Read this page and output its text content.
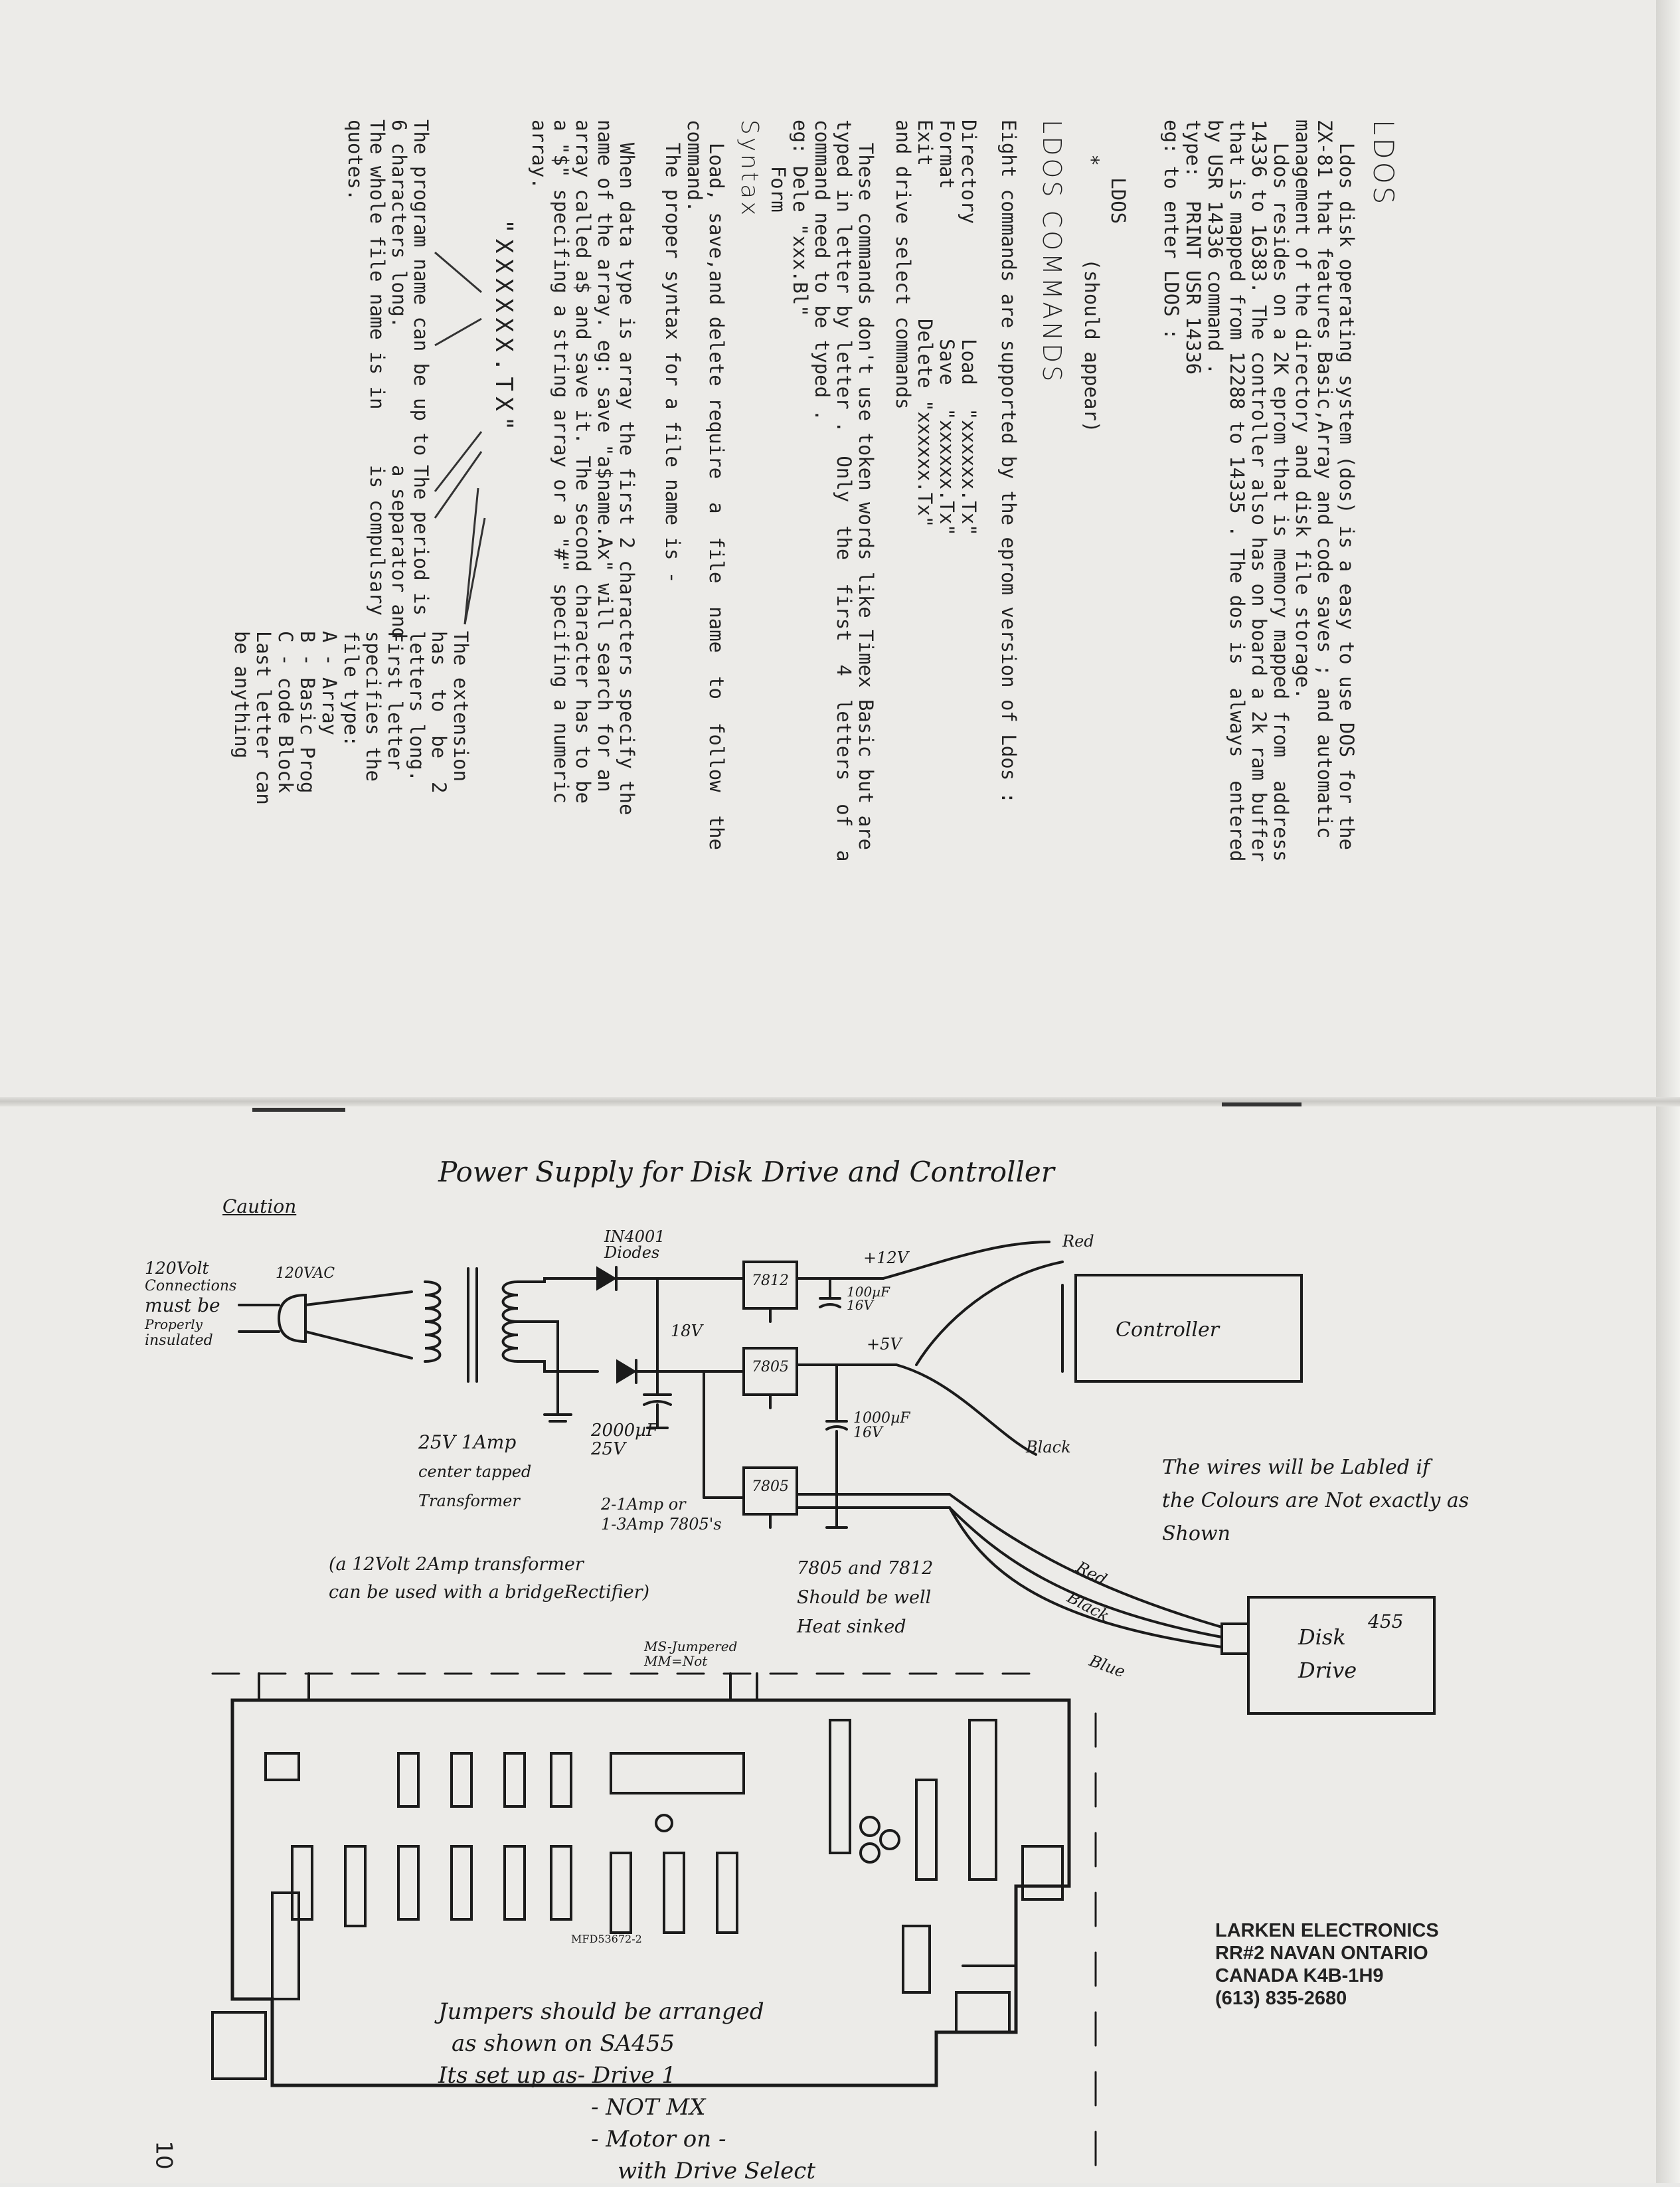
LDOS
Ldos disk operating system (dos) is a easy to use DOS for the
ZX-81 that features Basic,Array and code saves ; and automatic
management of the directory and disk file storage.
Ldos resides on a 2K eprom that is memory mapped from  address
14336 to 16383. The controller also has on board a 2k ram buffer
that is mapped from 12288 to 14335 . The dos is  always  entered
by USR 14336 command .
type:  PRINT USR 14336
eg: to enter LDOS :
LDOS
*        (should appear)
LDOS COMMANDS
Eight commands are supported by the eprom version of Ldos :
Directory
Format
Exit
Load  "xxxxxx.Tx"
Save  "xxxxxx.Tx"
Delete "xxxxxx.Tx"
and drive select commands
These commands don't use token words like Timex Basic but are
typed in letter by letter .  Only  the  first  4  letters  of  a
command need to be typed .
eg: Dele "xxx.Bl"
Form
Syntax
Load, save,and delete require  a  file  name  to  follow  the
command.
The proper syntax for a file name is -
When data type is array the first 2 characters specify the
name of the array. eg: save "a$name.Ax" will search for an
array called a$ and save it. The second character has to be
a "$" specifing a string array or a "#" specifing a numeric
array.
"XXXXXX.TX"
The program name can be up to
6 characters long.
The whole file name is in
quotes.
The period is
a separator and
is compulsary
The extension
has  to  be  2
letters long.
First letter
specifies the
file type:
A - Array
B - Basic Prog
C - code Block
Last letter can
be anything
Power Supply for Disk Drive and Controller
Caution
120Volt
Connections
must be
Properly
insulated
120VAC
IN4001
Diodes
7812
7805
7805
+12V
100µF
16V
+5V
18V
1000µF
16V
2000µF
25V
25V 1Amp
center tapped
Transformer	2-1Amp or
1-3Amp 7805's
(a 12Volt 2Amp transformer
can be used with a bridgeRectifier)
7805 and 7812
Should be well
Heat sinked
Red
Black
Controller
The wires will be Labled if
the Colours are Not exactly as
Shown
Red
Black
Blue
Disk
Drive
455
MS-Jumpered
MM=Not
MFD53672-2	LARKEN ELECTRONICS
RR#2 NAVAN ONTARIO
CANADA K4B-1H9
(613) 835-2680
Jumpers should be arranged
as shown on SA455
Its set up as- Drive 1
- NOT MX
- Motor on -
with Drive Select
10
